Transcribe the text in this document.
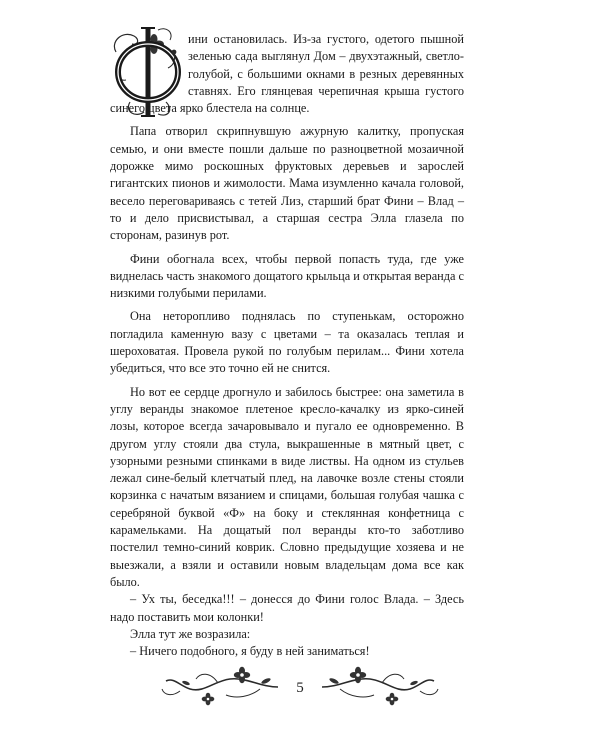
ини остановилась. Из-за густого, одетого пышной зеленью сада выглянул Дом – двухэтажный, светло-голубой, с большими окнами в резных деревянных ставнях. Его глянцевая черепичная крыша густого синего цвета ярко блестела на солнце.

Папа отворил скрипнувшую ажурную калитку, пропуская семью, и они вместе пошли дальше по разноцветной мозаичной дорожке мимо роскошных фруктовых деревьев и зарослей гигантских пионов и жимолости. Мама изумленно качала головой, весело переговариваясь с тетей Лиз, старший брат Фини – Влад – то и дело присвистывал, а старшая сестра Элла глазела по сторонам, разинув рот.

Фини обогнала всех, чтобы первой попасть туда, где уже виднелась часть знакомого дощатого крыльца и открытая веранда с низкими голубыми перилами.

Она неторопливо поднялась по ступенькам, осторожно погладила каменную вазу с цветами – та оказалась теплая и шероховатая. Провела рукой по голубым перилам... Фини хотела убедиться, что все это точно ей не снится.

Но вот ее сердце дрогнуло и забилось быстрее: она заметила в углу веранды знакомое плетеное кресло-качалку из ярко-синей лозы, которое всегда зачаровывало и пугало ее одновременно. В другом углу стояли два стула, выкрашенные в мятный цвет, с узорными резными спинками в виде листвы. На одном из стульев лежал сине-белый клетчатый плед, на лавочке возле стены стояли корзинка с начатым вязанием и спицами, большая голубая чашка с серебряной буквой «Ф» на боку и стеклянная конфетница с карамельками. На дощатый пол веранды кто-то заботливо постелил темно-синий коврик. Словно предыдущие хозяева и не выезжали, а взяли и оставили новым владельцам дома все как было.

– Ух ты, беседка!!! – донесся до Фини голос Влада. – Здесь надо поставить мои колонки!

Элла тут же возразила:

– Ничего подобного, я буду в ней заниматься!

5
